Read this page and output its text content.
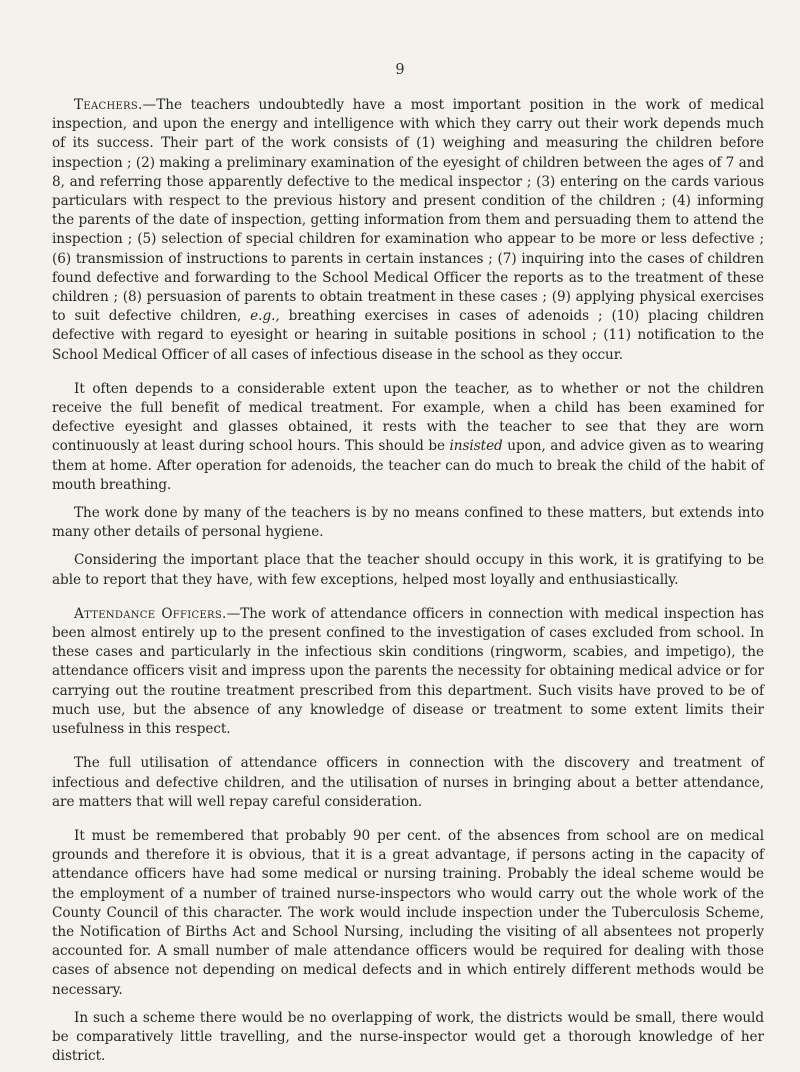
9

Teachers.—The teachers undoubtedly have a most important position in the work of medical inspection, and upon the energy and intelligence with which they carry out their work depends much of its success. Their part of the work consists of (1) weighing and measuring the children before inspection ; (2) making a preliminary examination of the eyesight of children between the ages of 7 and 8, and referring those apparently defective to the medical inspector ; (3) entering on the cards various particulars with respect to the previous history and present condition of the children ; (4) informing the parents of the date of inspection, getting information from them and persuading them to attend the inspection ; (5) selection of special children for examination who appear to be more or less defective ; (6) transmission of instructions to parents in certain instances ; (7) inquiring into the cases of children found defective and forwarding to the School Medical Officer the reports as to the treatment of these children ; (8) persuasion of parents to obtain treatment in these cases ; (9) applying physical exercises to suit defective children, e.g., breathing exercises in cases of adenoids ; (10) placing children defective with regard to eyesight or hearing in suitable positions in school ; (11) notification to the School Medical Officer of all cases of infectious disease in the school as they occur.

It often depends to a considerable extent upon the teacher, as to whether or not the children receive the full benefit of medical treatment. For example, when a child has been examined for defective eyesight and glasses obtained, it rests with the teacher to see that they are worn continuously at least during school hours. This should be insisted upon, and advice given as to wearing them at home. After operation for adenoids, the teacher can do much to break the child of the habit of mouth breathing.

The work done by many of the teachers is by no means confined to these matters, but extends into many other details of personal hygiene.

Considering the important place that the teacher should occupy in this work, it is gratifying to be able to report that they have, with few exceptions, helped most loyally and enthusiastically.

Attendance Officers.—The work of attendance officers in connection with medical inspection has been almost entirely up to the present confined to the investigation of cases excluded from school. In these cases and particularly in the infectious skin conditions (ringworm, scabies, and impetigo), the attendance officers visit and impress upon the parents the necessity for obtaining medical advice or for carrying out the routine treatment prescribed from this department. Such visits have proved to be of much use, but the absence of any knowledge of disease or treatment to some extent limits their usefulness in this respect.

The full utilisation of attendance officers in connection with the discovery and treatment of infectious and defective children, and the utilisation of nurses in bringing about a better attendance, are matters that will well repay careful consideration.

It must be remembered that probably 90 per cent. of the absences from school are on medical grounds and therefore it is obvious, that it is a great advantage, if persons acting in the capacity of attendance officers have had some medical or nursing training. Probably the ideal scheme would be the employment of a number of trained nurse-inspectors who would carry out the whole work of the County Council of this character. The work would include inspection under the Tuberculosis Scheme, the Notification of Births Act and School Nursing, including the visiting of all absentees not properly accounted for. A small number of male attendance officers would be required for dealing with those cases of absence not depending on medical defects and in which entirely different methods would be necessary.

In such a scheme there would be no overlapping of work, the districts would be small, there would be comparatively little travelling, and the nurse-inspector would get a thorough knowledge of her district.
